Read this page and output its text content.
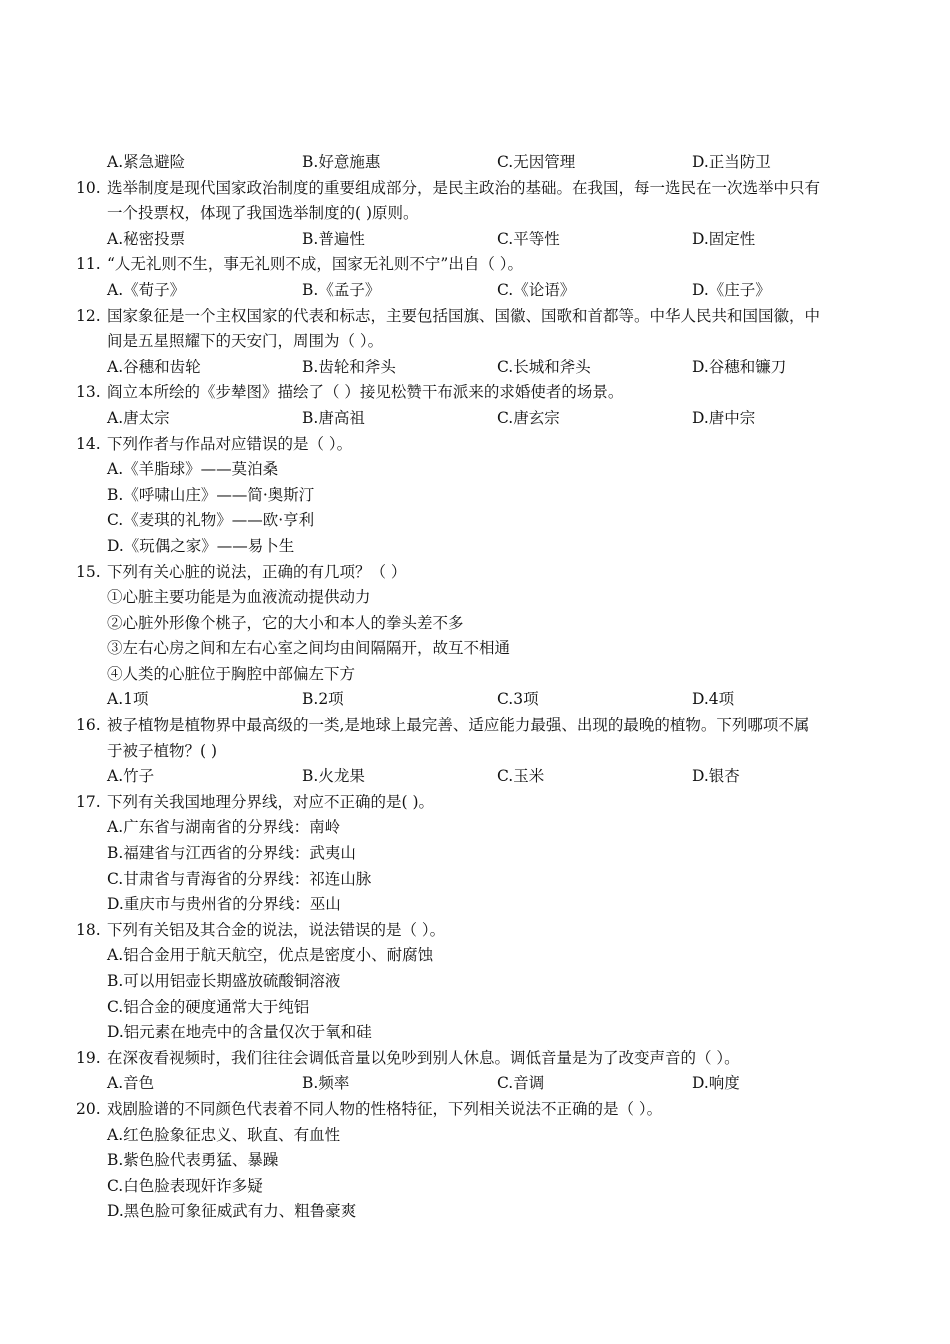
A.紧急避险	B.好意施惠	C.无因管理	D.正当防卫
10. 选举制度是现代国家政治制度的重要组成部分，是民主政治的基础。在我国，每一选民在一次选举中只有
一个投票权，体现了我国选举制度的( )原则。
A.秘密投票	B.普遍性	C.平等性	D.固定性
11. “人无礼则不生，事无礼则不成，国家无礼则不宁”出自（ ）。
A.《荀子》	B.《孟子》	C.《论语》	D.《庄子》
12. 国家象征是一个主权国家的代表和标志，主要包括国旗、国徽、国歌和首都等。中华人民共和国国徽，中
间是五星照耀下的天安门，周围为（ ）。
A.谷穗和齿轮	B.齿轮和斧头	C.长城和斧头	D.谷穗和镰刀
13. 阎立本所绘的《步辇图》描绘了（ ）接见松赞干布派来的求婚使者的场景。
A.唐太宗	B.唐高祖	C.唐玄宗	D.唐中宗
14. 下列作者与作品对应错误的是（ ）。
A.《羊脂球》——莫泊桑
B.《呼啸山庄》——简·奥斯汀
C.《麦琪的礼物》——欧·亨利
D.《玩偶之家》——易卜生
15. 下列有关心脏的说法，正确的有几项？（ ）
①心脏主要功能是为血液流动提供动力
②心脏外形像个桃子，它的大小和本人的拳头差不多
③左右心房之间和左右心室之间均由间隔隔开，故互不相通
④人类的心脏位于胸腔中部偏左下方
A.1项	B.2项	C.3项	D.4项
16. 被子植物是植物界中最高级的一类,是地球上最完善、适应能力最强、出现的最晚的植物。下列哪项不属
于被子植物？( )
A.竹子	B.火龙果	C.玉米	D.银杏
17. 下列有关我国地理分界线，对应不正确的是( )。
A.广东省与湖南省的分界线：南岭
B.福建省与江西省的分界线：武夷山
C.甘肃省与青海省的分界线：祁连山脉
D.重庆市与贵州省的分界线：巫山
18. 下列有关铝及其合金的说法，说法错误的是（ ）。
A.铝合金用于航天航空，优点是密度小、耐腐蚀
B.可以用铝壶长期盛放硫酸铜溶液
C.铝合金的硬度通常大于纯铝
D.铝元素在地壳中的含量仅次于氧和硅
19. 在深夜看视频时，我们往往会调低音量以免吵到别人休息。调低音量是为了改变声音的（ ）。
A.音色	B.频率	C.音调	D.响度
20. 戏剧脸谱的不同颜色代表着不同人物的性格特征，下列相关说法不正确的是（ ）。
A.红色脸象征忠义、耿直、有血性
B.紫色脸代表勇猛、暴躁
C.白色脸表现奸诈多疑
D.黑色脸可象征威武有力、粗鲁豪爽
